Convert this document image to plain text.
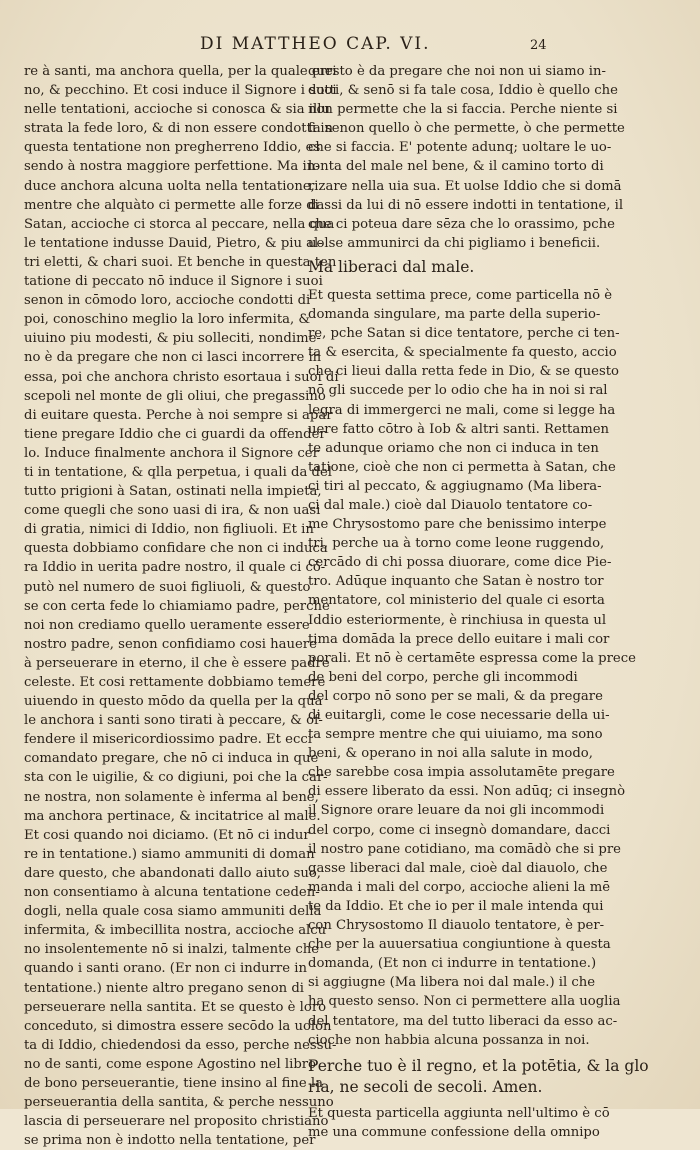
DI MATTHEO CAP. VI.	24
re à santi, ma anchora quella, per la quale erri
no, & pecchino. Et cosi induce il Signore i suoi
nelle tentationi, accioche si conosca & sia illu
strata la fede loro, & di non essere condotti in
questa tentatione non pregherreno Iddio, es
sendo à nostra maggiore perfettione. Ma in-
duce anchora alcuna uolta nella tentatione,
mentre che alquàto ci permette alle forze di
Satan, accioche ci storca al peccare, nella qua
le tentatione indusse Dauid, Pietro, & piu al-
tri eletti, & chari suoi. Et benche in questa ten
tatione di peccato nō induce il Signore i suoi
senon in cōmodo loro, accioche condotti di
poi, conoschino meglio la loro infermita, &
uiuino piu modesti, & piu solleciti, nondime-
no è da pregare che non ci lasci incorrere in
essa, poi che anchora christo esortaua i suoi di
scepoli nel monte de gli oliui, che pregassino
di euitare questa. Perche à noi sempre si apar
tiene pregare Iddio che ci guardi da offender
lo. Induce finalmente anchora il Signore cer
ti in tentatione, & qlla perpetua, i quali da del
tutto prigioni à Satan, ostinati nella impieta,
come quegli che sono uasi di ira, & non uasi
di gratia, nimici di Iddio, non figliuoli. Et in
questa dobbiamo confidare che non ci induca
ra Iddio in uerita padre nostro, il quale ci cō-
putò nel numero de suoi figliuoli, & questo
se con certa fede lo chiamiamo padre, perche
noi non crediamo quello ueramente essere
nostro padre, senon confidiamo cosi hauere
à perseuerare in eterno, il che è essere padre
celeste. Et cosi rettamente dobbiamo temere
uiuendo in questo mōdo da quella per la qua
le anchora i santi sono tirati à peccare, & of-
fendere il misericordiossimo padre. Et ecci
comandato pregare, che nō ci induca in que
sta con le uigilie, & co digiuni, poi che la car-
ne nostra, non solamente è inferma al bene,
ma anchora pertinace, & incitatrice al male.
Et cosi quando noi diciamo. (Et nō ci indur
re in tentatione.) siamo ammuniti di doman
dare questo, che abandonati dallo aiuto suo,
non consentiamo à alcuna tentatione ceden-
dogli, nella quale cosa siamo ammuniti della
infermita, & imbecillita nostra, accioche alcu
no insolentemente nō si inalzi, talmente che
quando i santi orano. (Er non ci indurre in
tentatione.) niente altro pregano senon di
perseuerare nella santita. Et se questo è loro
conceduto, si dimostra essere secōdo la uolon
ta di Iddio, chiedendosi da esso, perche nessu-
no de santi, come espone Agostino nel libro
de bono perseuerantie, tiene insino al fine la
perseuerantia della santita, & perche nessuno
lascia di perseuerare nel proposito christiano
se prima non è indotto nella tentatione, per
questo è da pregare che noi non ui siamo in-
dotti, & senō si fa tale cosa, Iddio è quello che
non permette che la si faccia. Perche niente si
fa senon quello ò che permette, ò che permette
che si faccia. E' potente adunq; uoltare le uo-
lonta del male nel bene, & il camino torto di
rizare nella uia sua. Et uolse Iddio che si domā
dassi da lui di nō essere indotti in tentatione, il
che ci poteua dare sēza che lo orassimo, pche
uolse ammunirci da chi pigliamo i beneficii.
Ma liberaci dal male.
Et questa settima prece, come particella nō è
domanda singulare, ma parte della superio-
re, pche Satan si dice tentatore, perche ci ten-
ta & esercita, & specialmente fa questo, accio
che ci lieui dalla retta fede in Dio, & se questo
nō gli succede per lo odio che ha in noi si ral
legra di immergerci ne mali, come si legge ha
uere fatto cōtro à Iob & altri santi. Rettamen
te adunque oriamo che non ci induca in ten
tatione, cioè che non ci permetta à Satan, che
ci tiri al peccato, & aggiugnamo (Ma libera-
ci dal male.) cioè dal Diauolo tentatore co-
me Chrysostomo pare che benissimo interpe
tri, perche ua à torno come leone ruggendo,
cercādo di chi possa diuorare, come dice Pie-
tro. Adūque inquanto che Satan è nostro tor
mentatore, col ministerio del quale ci esorta
Iddio esteriormente, è rinchiusa in questa ul
tima domāda la prece dello euitare i mali cor
porali. Et nō è certamēte espressa come la prece
de beni del corpo, perche gli incommodi
del corpo nō sono per se mali, & da pregare
di euitargli, come le cose necessarie della ui-
ta sempre mentre che qui uiuiamo, ma sono
beni, & operano in noi alla salute in modo,
che sarebbe cosa impia assolutamēte pregare
di essere liberato da essi. Non adūq; ci insegnò
il Signore orare leuare da noi gli incommodi
del corpo, come ci insegnò domandare, dacci
il nostro pane cotidiano, ma comādò che si pre
gasse liberaci dal male, cioè dal diauolo, che
manda i mali del corpo, accioche alieni la mē
te da Iddio. Et che io per il male intenda qui
con Chrysostomo Il diauolo tentatore, è per-
che per la auuersatiua congiuntione à questa
domanda, (Et non ci indurre in tentatione.)
si aggiugne (Ma libera noi dal male.) il che
ha questo senso. Non ci permettere alla uoglia
del tentatore, ma del tutto liberaci da esso ac-
cioche non habbia alcuna possanza in noi.
Perche tuo è il regno, et la potētia, & la glo
ria, ne secoli de secoli. Amen.
Et questa particella aggiunta nell'ultimo è cō
me una commune confessione della omnipo
